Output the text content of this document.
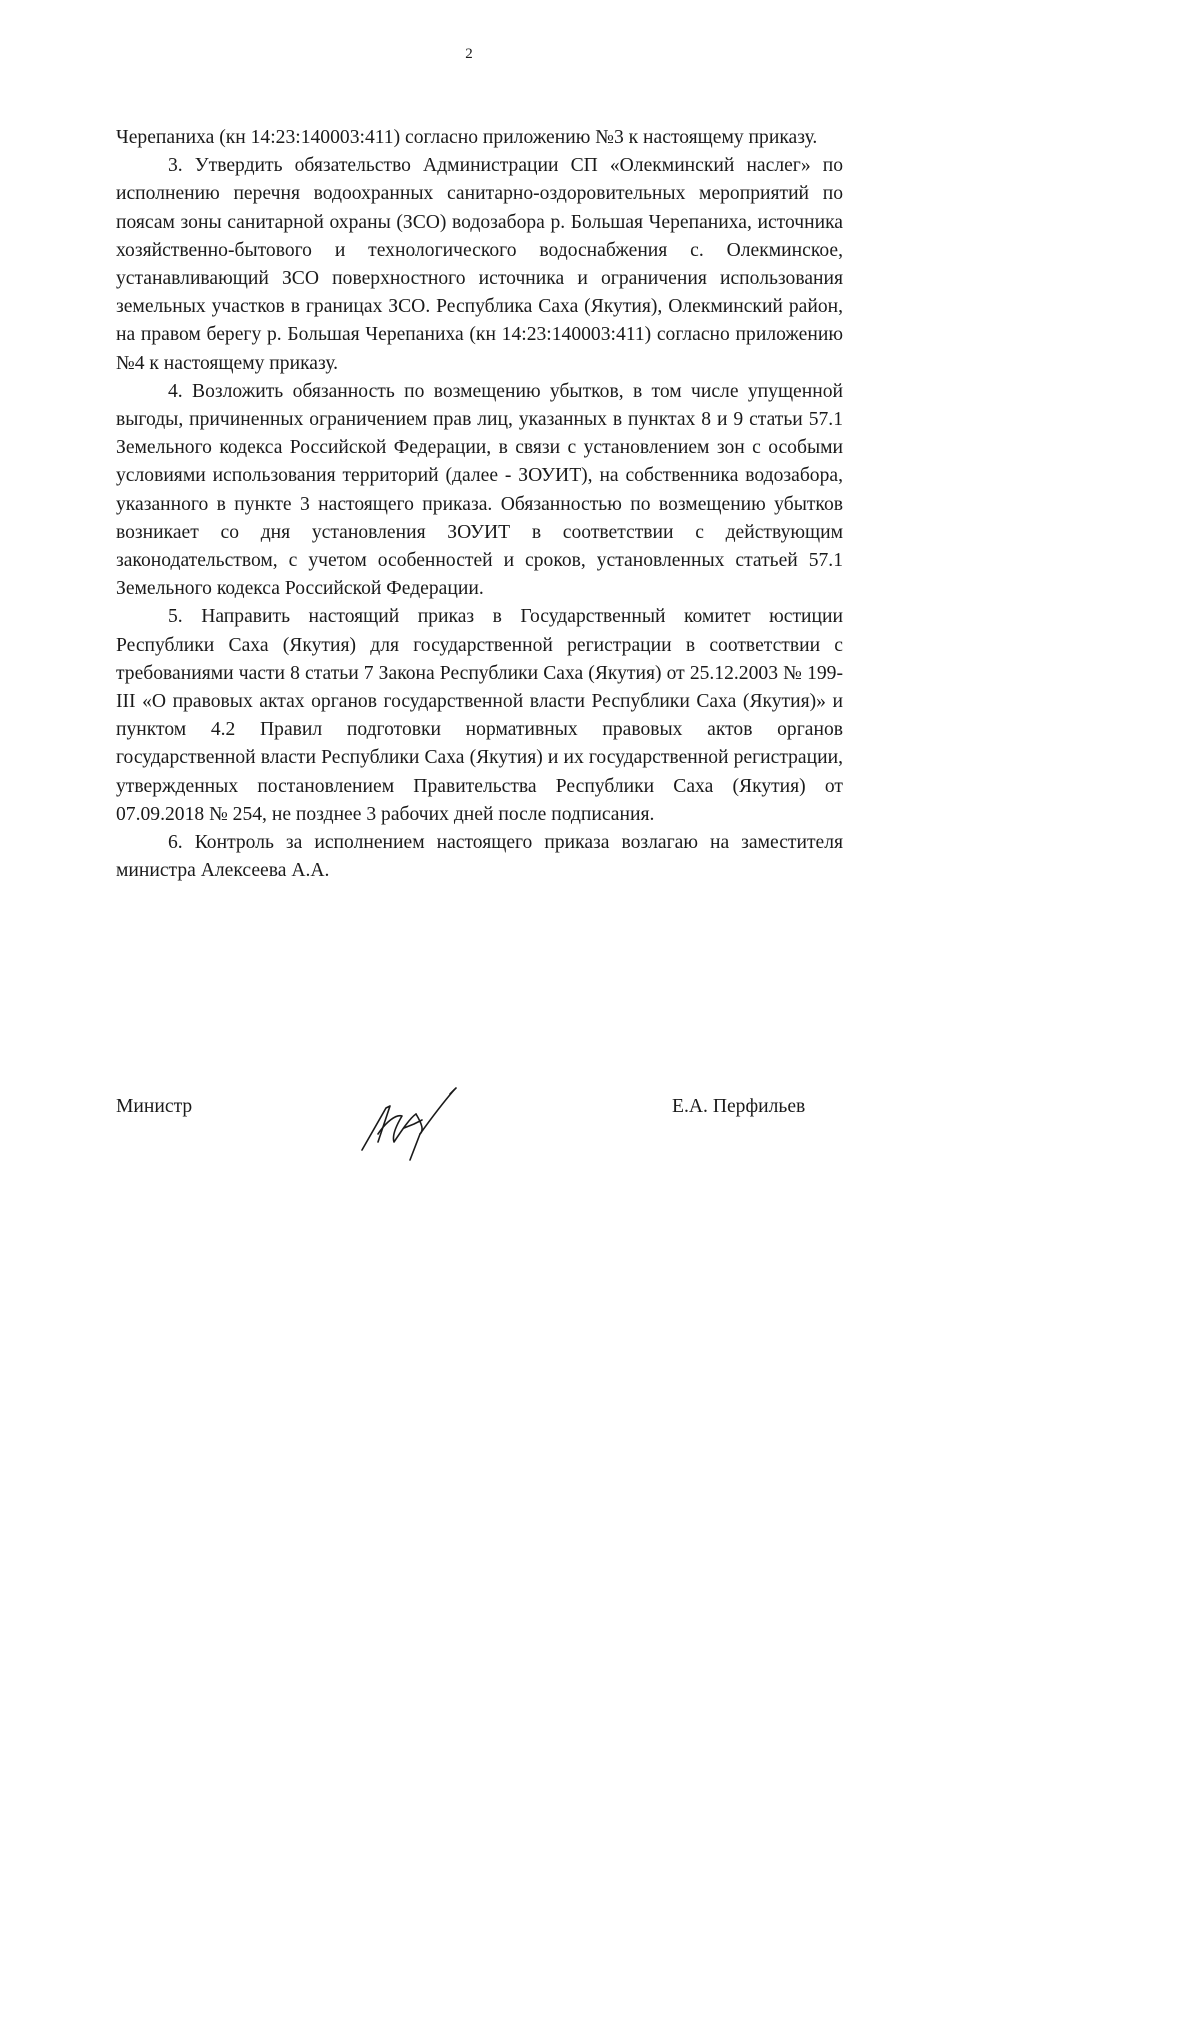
2

Черепаниха (кн 14:23:140003:411) согласно приложению №3 к настоящему приказу.

3. Утвердить обязательство Администрации СП «Олекминский наслег» по исполнению перечня водоохранных санитарно-оздоровительных мероприятий по поясам зоны санитарной охраны (ЗСО) водозабора р. Большая Черепаниха, источника хозяйственно-бытового и технологического водоснабжения с. Олекминское, устанавливающий ЗСО поверхностного источника и ограничения использования земельных участков в границах ЗСО. Республика Саха (Якутия), Олекминский район, на правом берегу р. Большая Черепаниха (кн 14:23:140003:411) согласно приложению №4 к настоящему приказу.

4. Возложить обязанность по возмещению убытков, в том числе упущенной выгоды, причиненных ограничением прав лиц, указанных в пунктах 8 и 9 статьи 57.1 Земельного кодекса Российской Федерации, в связи с установлением зон с особыми условиями использования территорий (далее - ЗОУИТ), на собственника водозабора, указанного в пункте 3 настоящего приказа. Обязанностью по возмещению убытков возникает со дня установления ЗОУИТ в соответствии с действующим законодательством, с учетом особенностей и сроков, установленных статьей 57.1 Земельного кодекса Российской Федерации.

5. Направить настоящий приказ в Государственный комитет юстиции Республики Саха (Якутия) для государственной регистрации в соответствии с требованиями части 8 статьи 7 Закона Республики Саха (Якутия) от 25.12.2003 № 199-III «О правовых актах органов государственной власти Республики Саха (Якутия)» и пунктом 4.2 Правил подготовки нормативных правовых актов органов государственной власти Республики Саха (Якутия) и их государственной регистрации, утвержденных постановлением Правительства Республики Саха (Якутия) от 07.09.2018 № 254, не позднее 3 рабочих дней после подписания.

6. Контроль за исполнением настоящего приказа возлагаю на заместителя министра Алексеева А.А.

Министр	Е.А. Перфильев
